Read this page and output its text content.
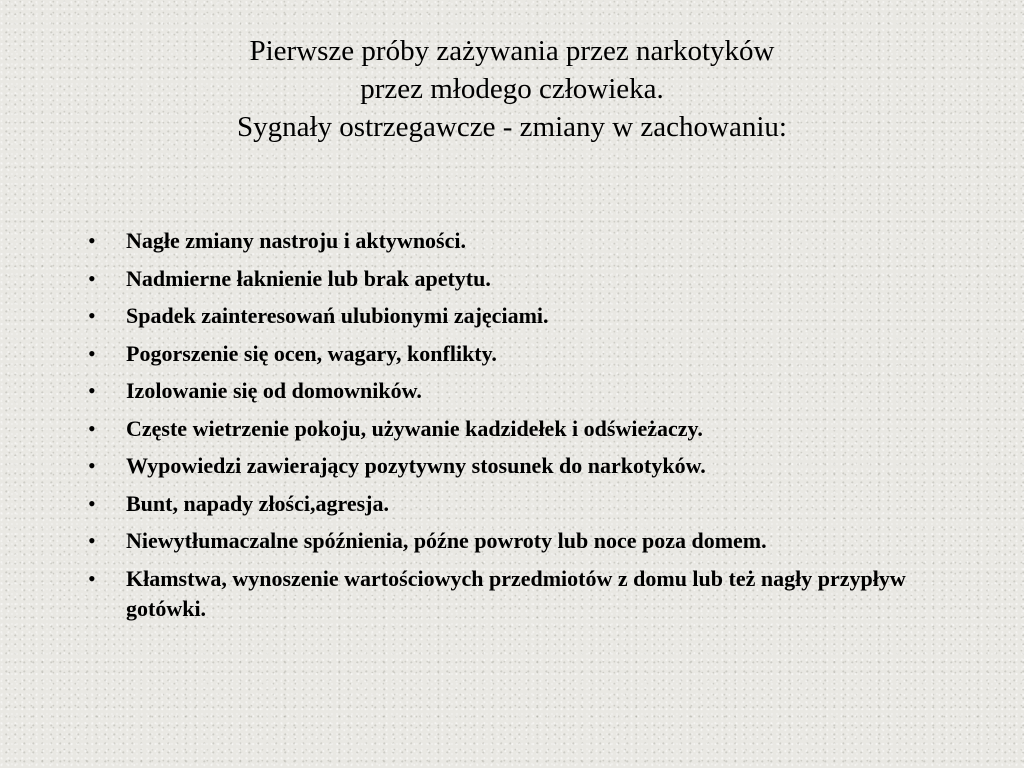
Pierwsze próby zażywania przez narkotyków
przez młodego człowieka.
Sygnały ostrzegawcze - zmiany w zachowaniu:
• Nagłe zmiany nastroju i aktywności.
• Nadmierne łaknienie lub brak apetytu.
• Spadek zainteresowań ulubionymi zajęciami.
• Pogorszenie się ocen, wagary, konflikty.
• Izolowanie się od domowników.
• Częste wietrzenie pokoju, używanie kadzidełek i odświeżaczy.
• Wypowiedzi zawierający pozytywny stosunek do narkotyków.
• Bunt, napady złości,agresja.
• Niewytłumaczalne spóźnienia, późne powroty lub noce poza domem.
• Kłamstwa, wynoszenie wartościowych przedmiotów z domu lub też nagły przypływ gotówki.
